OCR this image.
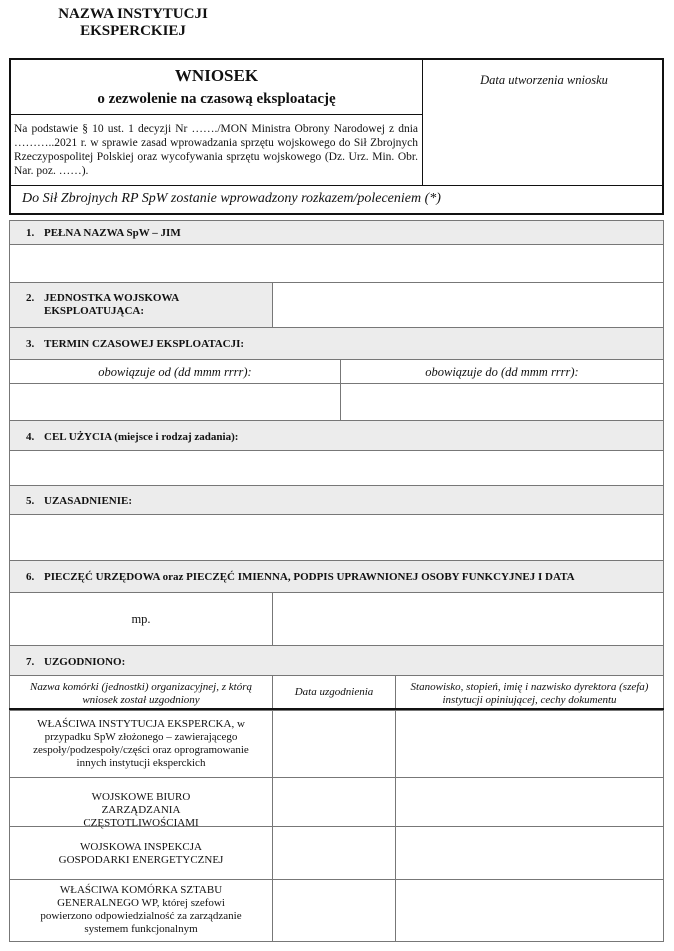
NAZWA INSTYTUCJI
EKSPERCKIEJ
WNIOSEK
o zezwolenie na czasową eksploatację
Na podstawie § 10 ust. 1 decyzji Nr ……./MON Ministra Obrony Narodowej z dnia ………..2021 r. w sprawie zasad wprowadzania sprzętu wojskowego do Sił Zbrojnych Rzeczypospolitej Polskiej oraz wycofywania sprzętu wojskowego (Dz. Urz. Min. Obr. Nar. poz. ……).
Data utworzenia wniosku
Do Sił Zbrojnych RP SpW zostanie wprowadzony rozkazem/poleceniem (*)
1. PEŁNA NAZWA SpW – JIM
2. JEDNOSTKA WOJSKOWA
EKSPLOATUJĄCA:
3. TERMIN CZASOWEJ EKSPLOATACJI:
obowiązuje od (dd mmm rrrr):	obowiązuje do (dd mmm rrrr):
4. CEL UŻYCIA (miejsce i rodzaj zadania):
5. UZASADNIENIE:
6. PIECZĘĆ URZĘDOWA oraz PIECZĘĆ IMIENNA, PODPIS UPRAWNIONEJ OSOBY FUNKCYJNEJ I DATA
mp.
7. UZGODNIONO:
Nazwa komórki (jednostki) organizacyjnej, z którą wniosek został uzgodniony
Data uzgodnienia	Stanowisko, stopień, imię i nazwisko dyrektora (szefa) instytucji opiniującej, cechy dokumentu
WŁAŚCIWA INSTYTUCJA EKSPERCKA, w przypadku SpW złożonego – zawierającego zespoły/podzespoły/części oraz oprogramowanie innych instytucji eksperckich
WOJSKOWE BIURO ZARZĄDZANIA CZĘSTOTLIWOŚCIAMI
WOJSKOWA INSPEKCJA GOSPODARKI ENERGETYCZNEJ
WŁAŚCIWA KOMÓRKA SZTABU GENERALNEGO WP, której szefowi powierzono odpowiedzialność za zarządzanie systemem funkcjonalnym
